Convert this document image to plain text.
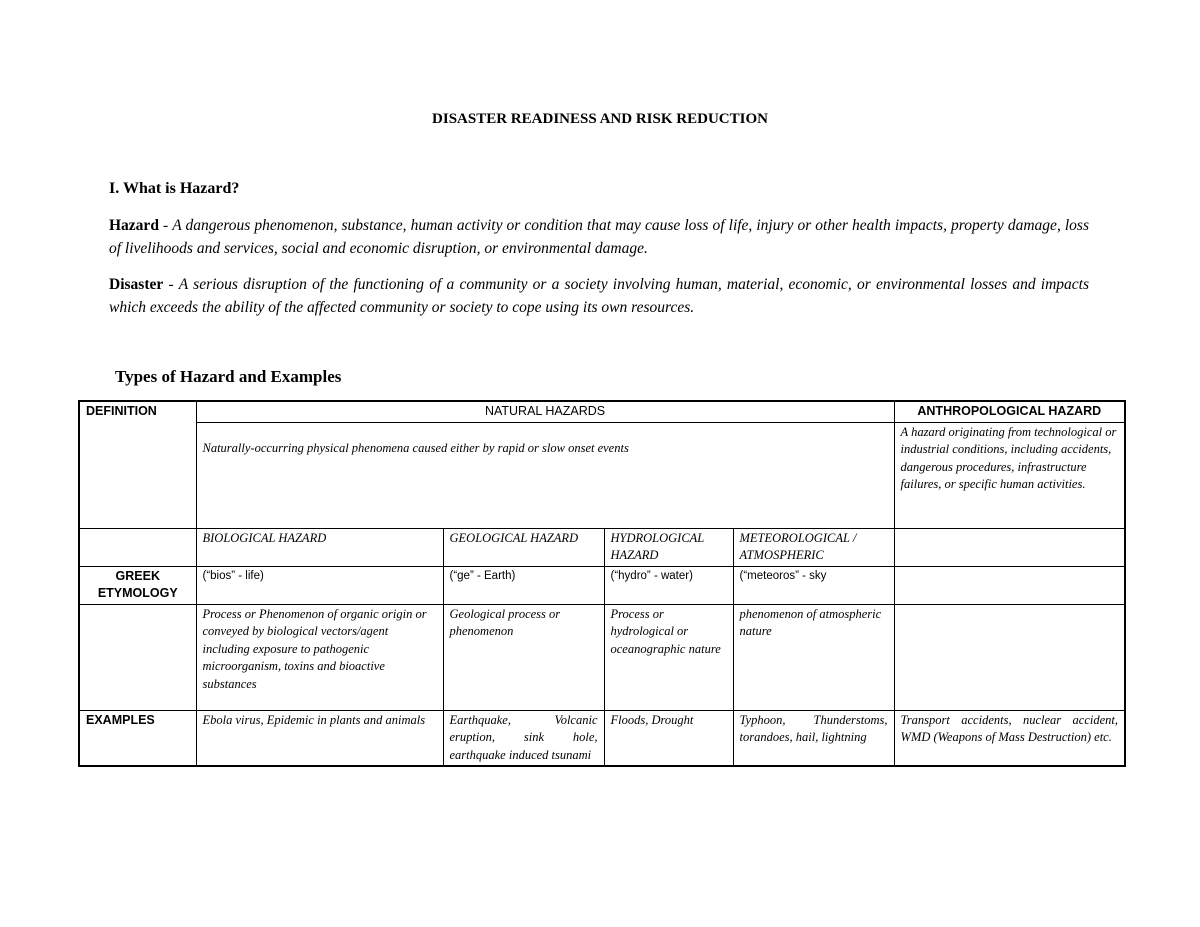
DISASTER READINESS AND RISK REDUCTION
I. What is Hazard?
Hazard - A dangerous phenomenon, substance, human activity or condition that may cause loss of life, injury or other health impacts, property damage, loss of livelihoods and services, social and economic disruption, or environmental damage.
Disaster - A serious disruption of the functioning of a community or a society involving human, material, economic, or environmental losses and impacts which exceeds the ability of the affected community or society to cope using its own resources.
Types of Hazard and Examples
DEFINITION	NATURAL HAZARDS				ANTHROPOLOGICAL HAZARD
	Naturally-occurring physical phenomena caused either by rapid or slow onset events				A hazard originating from technological or industrial conditions, including accidents, dangerous procedures, infrastructure failures, or specific human activities.
	BIOLOGICAL HAZARD	GEOLOGICAL HAZARD	HYDROLOGICAL HAZARD	METEOROLOGICAL / ATMOSPHERIC	
GREEK ETYMOLOGY	(“bios” - life)	(“ge” - Earth)	(“hydro” - water)	(“meteoros” - sky	
	Process or Phenomenon of organic origin or conveyed by biological vectors/agent including exposure to pathogenic microorganism, toxins and bioactive substances	Geological process or phenomenon	Process or hydrological or oceanographic nature	phenomenon of atmospheric nature	
EXAMPLES	Ebola virus, Epidemic in plants and animals	Earthquake, Volcanic eruption, sink hole, earthquake induced tsunami	Floods, Drought	Typhoon, Thunderstoms, torandoes, hail, lightning	Transport accidents, nuclear accident, WMD (Weapons of Mass Destruction) etc.
